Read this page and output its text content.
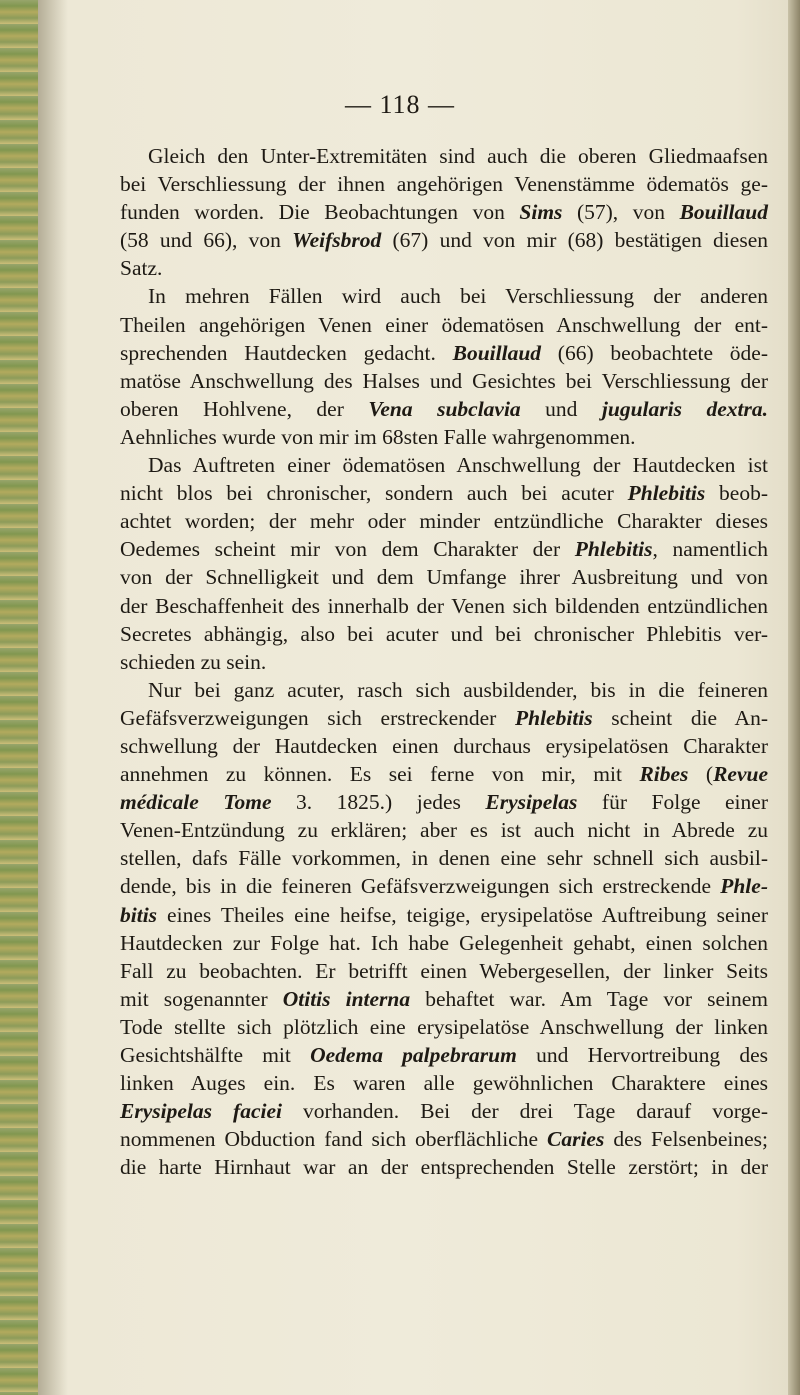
— 118 —
Gleich den Unter-Extremitäten sind auch die oberen Gliedmaafsen
bei Verschliessung der ihnen angehörigen Venenstämme ödematös ge-
funden worden. Die Beobachtungen von Sims (57), von Bouillaud
(58 und 66), von Weifsbrod (67) und von mir (68) bestätigen diesen
Satz.
In mehren Fällen wird auch bei Verschliessung der anderen
Theilen angehörigen Venen einer ödematösen Anschwellung der ent-
sprechenden Hautdecken gedacht. Bouillaud (66) beobachtete öde-
matöse Anschwellung des Halses und Gesichtes bei Verschliessung der
oberen Hohlvene, der Vena subclavia und jugularis dextra.
Aehnliches wurde von mir im 68sten Falle wahrgenommen.
Das Auftreten einer ödematösen Anschwellung der Hautdecken ist
nicht blos bei chronischer, sondern auch bei acuter Phlebitis beob-
achtet worden; der mehr oder minder entzündliche Charakter dieses
Oedemes scheint mir von dem Charakter der Phlebitis, namentlich
von der Schnelligkeit und dem Umfange ihrer Ausbreitung und von
der Beschaffenheit des innerhalb der Venen sich bildenden entzündlichen
Secretes abhängig, also bei acuter und bei chronischer Phlebitis ver-
schieden zu sein.
Nur bei ganz acuter, rasch sich ausbildender, bis in die feineren
Gefäfsverzweigungen sich erstreckender Phlebitis scheint die An-
schwellung der Hautdecken einen durchaus erysipelatösen Charakter
annehmen zu können. Es sei ferne von mir, mit Ribes (Revue
médicale Tome 3. 1825.) jedes Erysipelas für Folge einer
Venen-Entzündung zu erklären; aber es ist auch nicht in Abrede zu
stellen, dafs Fälle vorkommen, in denen eine sehr schnell sich ausbil-
dende, bis in die feineren Gefäfsverzweigungen sich erstreckende Phle-
bitis eines Theiles eine heifse, teigige, erysipelatöse Auftreibung seiner
Hautdecken zur Folge hat. Ich habe Gelegenheit gehabt, einen solchen
Fall zu beobachten. Er betrifft einen Webergesellen, der linker Seits
mit sogenannter Otitis interna behaftet war. Am Tage vor seinem
Tode stellte sich plötzlich eine erysipelatöse Anschwellung der linken
Gesichtshälfte mit Oedema palpebrarum und Hervortreibung des
linken Auges ein. Es waren alle gewöhnlichen Charaktere eines
Erysipelas faciei vorhanden. Bei der drei Tage darauf vorge-
nommenen Obduction fand sich oberflächliche Caries des Felsenbeines;
die harte Hirnhaut war an der entsprechenden Stelle zerstört; in der
